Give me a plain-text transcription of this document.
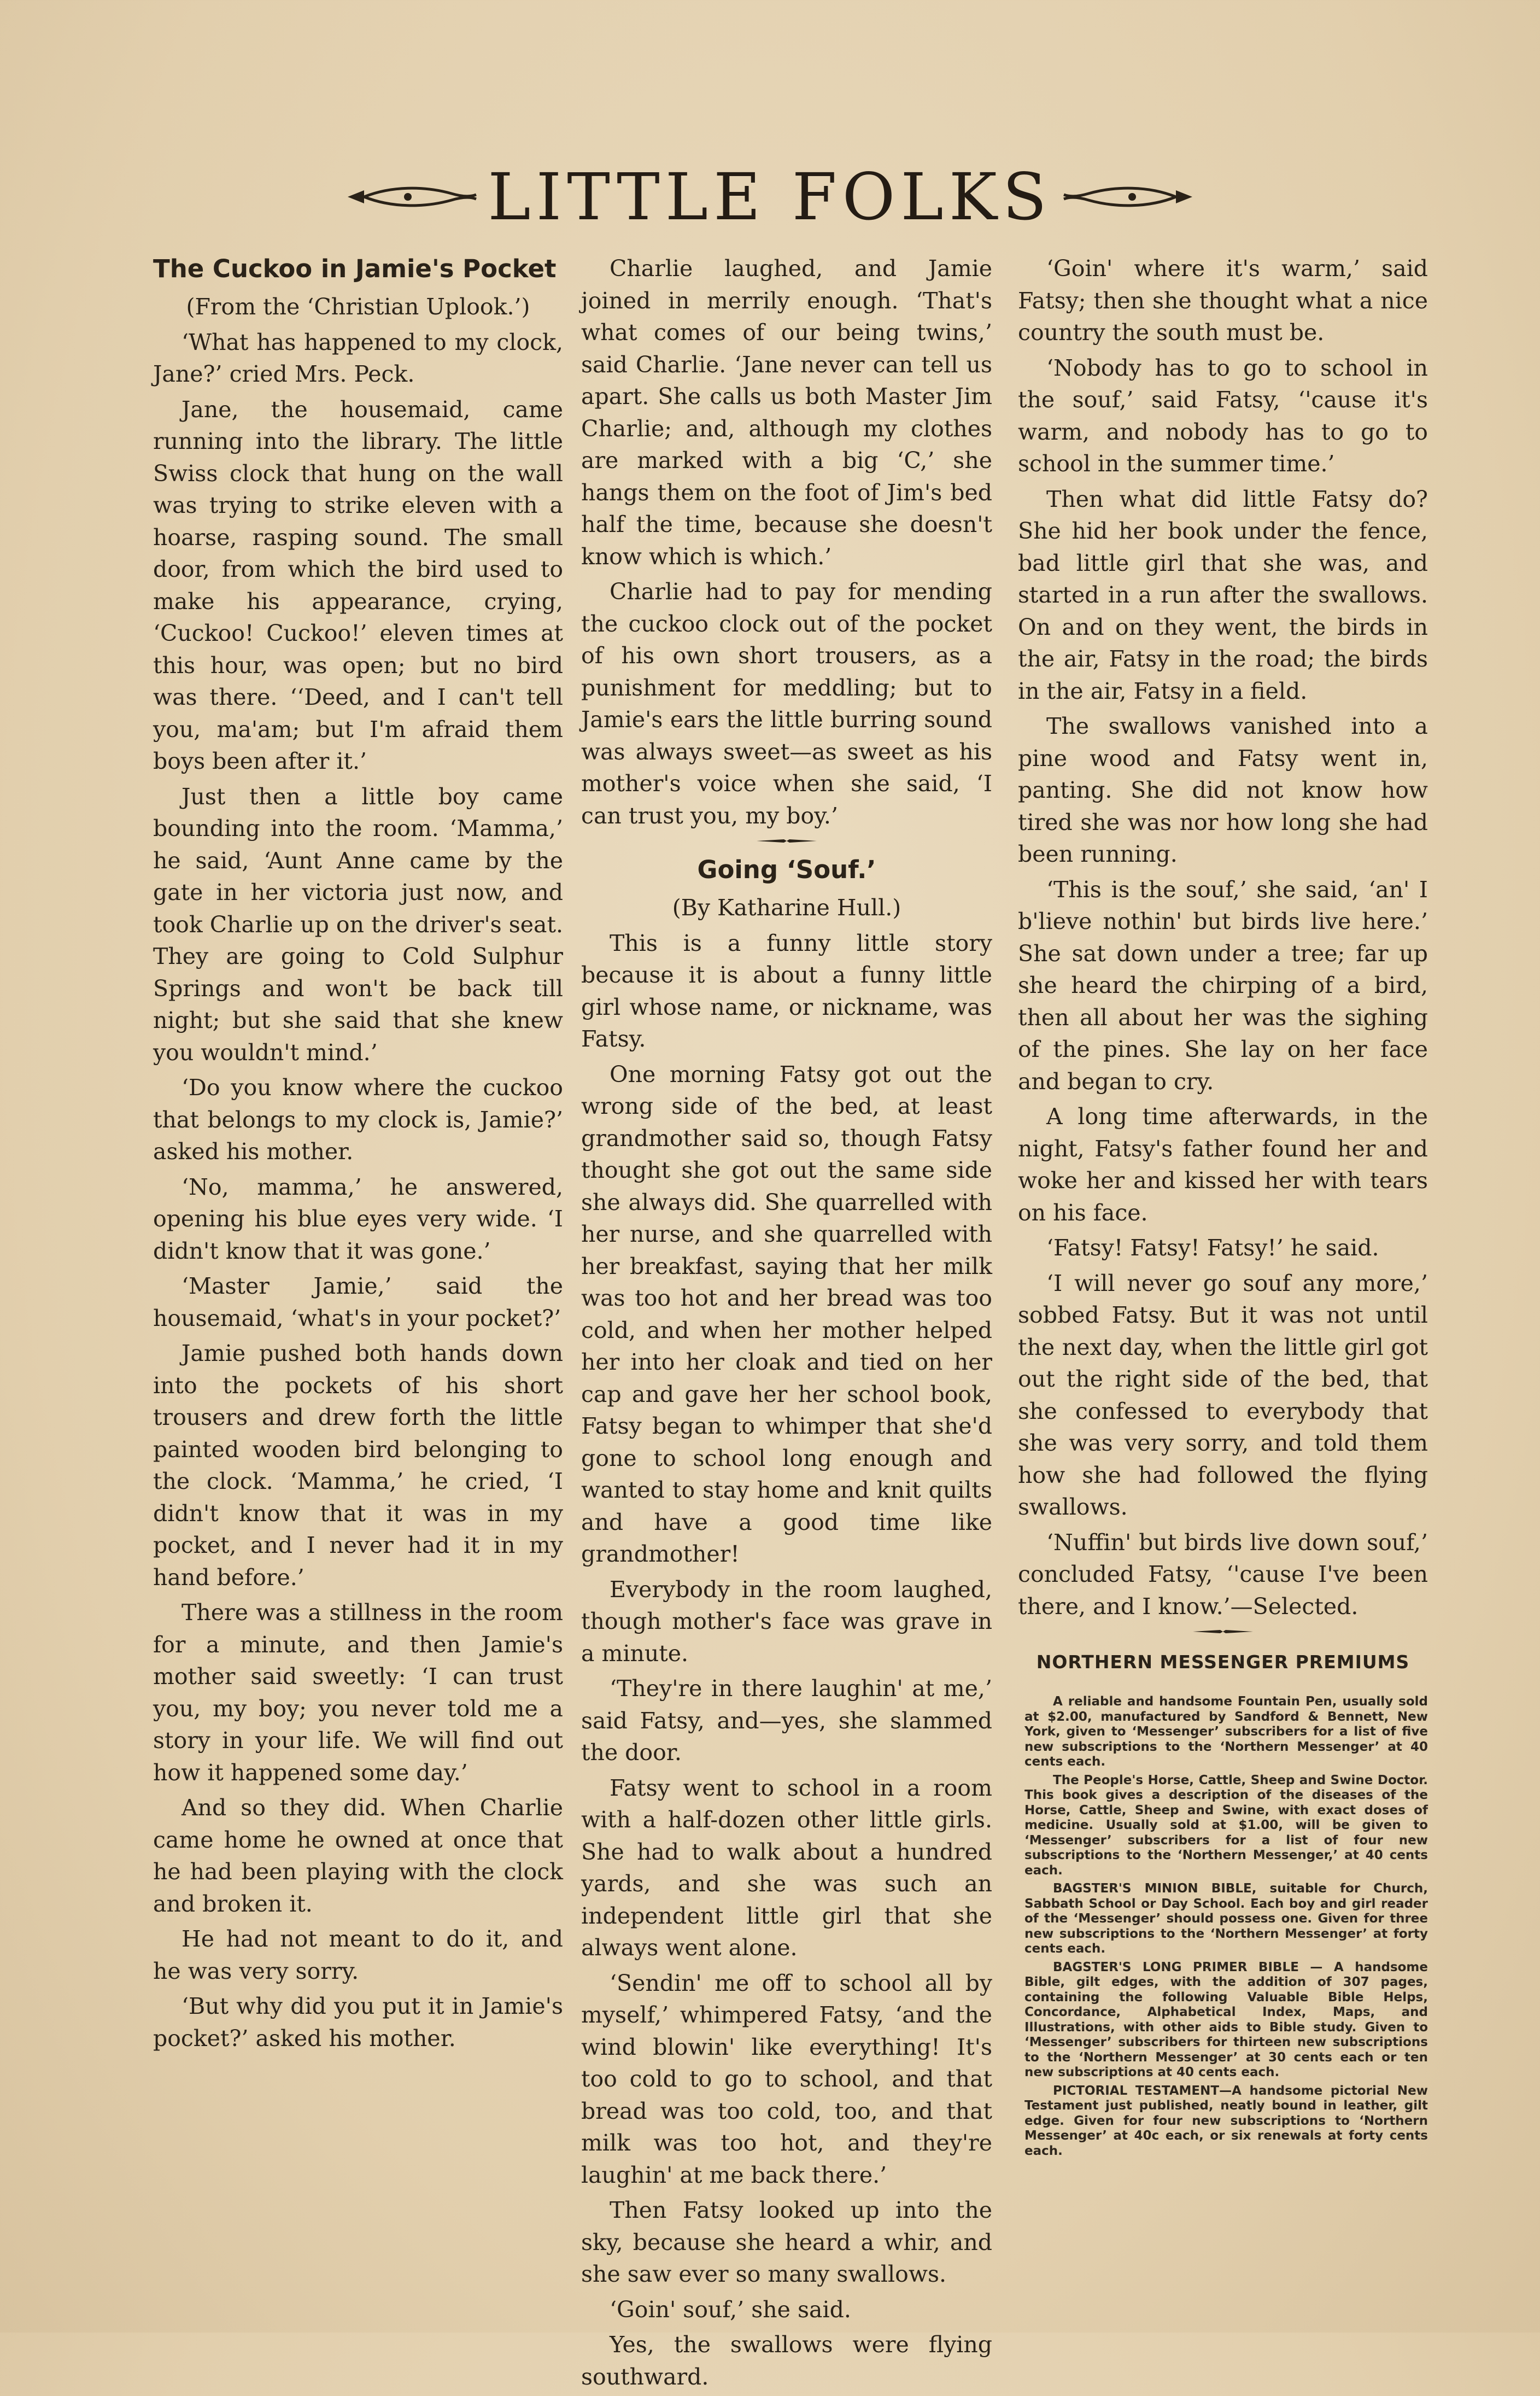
LITTLE FOLKS
The Cuckoo in Jamie's Pocket

(From the ‘Christian Uplook.’)

‘What has happened to my clock, Jane?’ cried Mrs. Peck.

Jane, the housemaid, came running into the library. The little Swiss clock that hung on the wall was trying to strike eleven with a hoarse, rasping sound. The small door, from which the bird used to make his appearance, crying, ‘Cuckoo! Cuckoo!’ eleven times at this hour, was open; but no bird was there. ‘‘Deed, and I can't tell you, ma'am; but I'm afraid them boys been after it.’

Just then a little boy came bounding into the room. ‘Mamma,’ he said, ‘Aunt Anne came by the gate in her victoria just now, and took Charlie up on the driver's seat. They are going to Cold Sulphur Springs and won't be back till night; but she said that she knew you wouldn't mind.’

‘Do you know where the cuckoo that belongs to my clock is, Jamie?’ asked his mother.

‘No, mamma,’ he answered, opening his blue eyes very wide. ‘I didn't know that it was gone.’

‘Master Jamie,’ said the housemaid, ‘what's in your pocket?’

Jamie pushed both hands down into the pockets of his short trousers and drew forth the little painted wooden bird belonging to the clock. ‘Mamma,’ he cried, ‘I didn't know that it was in my pocket, and I never had it in my hand before.’

There was a stillness in the room for a minute, and then Jamie's mother said sweetly: ‘I can trust you, my boy; you never told me a story in your life. We will find out how it happened some day.’

And so they did. When Charlie came home he owned at once that he had been playing with the clock and broken it.

He had not meant to do it, and he was very sorry.

‘But why did you put it in Jamie's pocket?’ asked his mother.

Charlie laughed, and Jamie joined in merrily enough. ‘That's what comes of our being twins,’ said Charlie. ‘Jane never can tell us apart. She calls us both Master Jim Charlie; and, although my clothes are marked with a big ‘C,’ she hangs them on the foot of Jim's bed half the time, because she doesn't know which is which.’

Charlie had to pay for mending the cuckoo clock out of the pocket of his own short trousers, as a punishment for meddling; but to Jamie's ears the little burring sound was always sweet—as sweet as his mother's voice when she said, ‘I can trust you, my boy.’

Going ‘Souf.’

(By Katharine Hull.)

This is a funny little story because it is about a funny little girl whose name, or nickname, was Fatsy.

One morning Fatsy got out the wrong side of the bed, at least grandmother said so, though Fatsy thought she got out the same side she always did. She quarrelled with her nurse, and she quarrelled with her breakfast, saying that her milk was too hot and her bread was too cold, and when her mother helped her into her cloak and tied on her cap and gave her her school book, Fatsy began to whimper that she'd gone to school long enough and wanted to stay home and knit quilts and have a good time like grandmother!

Everybody in the room laughed, though mother's face was grave in a minute.

‘They're in there laughin' at me,’ said Fatsy, and—yes, she slammed the door.

Fatsy went to school in a room with a half-dozen other little girls. She had to walk about a hundred yards, and she was such an independent little girl that she always went alone.

‘Sendin' me off to school all by myself,’ whimpered Fatsy, ‘and the wind blowin' like everything! It's too cold to go to school, and that bread was too cold, too, and that milk was too hot, and they're laughin' at me back there.’

Then Fatsy looked up into the sky, because she heard a whir, and she saw ever so many swallows.

‘Goin' souf,’ she said.

Yes, the swallows were flying southward.

‘Goin' where it's warm,’ said Fatsy; then she thought what a nice country the south must be.

‘Nobody has to go to school in the souf,’ said Fatsy, ‘'cause it's warm, and nobody has to go to school in the summer time.’

Then what did little Fatsy do? She hid her book under the fence, bad little girl that she was, and started in a run after the swallows. On and on they went, the birds in the air, Fatsy in the road; the birds in the air, Fatsy in a field.

The swallows vanished into a pine wood and Fatsy went in, panting. She did not know how tired she was nor how long she had been running.

‘This is the souf,’ she said, ‘an' I b'lieve nothin' but birds live here.’ She sat down under a tree; far up she heard the chirping of a bird, then all about her was the sighing of the pines. She lay on her face and began to cry.

A long time afterwards, in the night, Fatsy's father found her and woke her and kissed her with tears on his face.

‘Fatsy! Fatsy! Fatsy!’ he said.

‘I will never go souf any more,’ sobbed Fatsy. But it was not until the next day, when the little girl got out the right side of the bed, that she confessed to everybody that she was very sorry, and told them how she had followed the flying swallows.

‘Nuffin' but birds live down souf,’ concluded Fatsy, ‘'cause I've been there, and I know.’—Selected.

NORTHERN MESSENGER PREMIUMS

A reliable and handsome Fountain Pen, usually sold at $2.00, manufactured by Sandford & Bennett, New York, given to ‘Messenger’ subscribers for a list of five new subscriptions to the ‘Northern Messenger’ at 40 cents each.

The People's Horse, Cattle, Sheep and Swine Doctor. This book gives a description of the diseases of the Horse, Cattle, Sheep and Swine, with exact doses of medicine. Usually sold at $1.00, will be given to ‘Messenger’ subscribers for a list of four new subscriptions to the ‘Northern Messenger,’ at 40 cents each.

BAGSTER'S MINION BIBLE, suitable for Church, Sabbath School or Day School. Each boy and girl reader of the ‘Messenger’ should possess one. Given for three new subscriptions to the ‘Northern Messenger’ at forty cents each.

BAGSTER'S LONG PRIMER BIBLE — A handsome Bible, gilt edges, with the addition of 307 pages, containing the following Valuable Bible Helps, Concordance, Alphabetical Index, Maps, and Illustrations, with other aids to Bible study. Given to ‘Messenger’ subscribers for thirteen new subscriptions to the ‘Northern Messenger’ at 30 cents each or ten new subscriptions at 40 cents each.

PICTORIAL TESTAMENT—A handsome pictorial New Testament just published, neatly bound in leather, gilt edge. Given for four new subscriptions to ‘Northern Messenger’ at 40c each, or six renewals at forty cents each.
